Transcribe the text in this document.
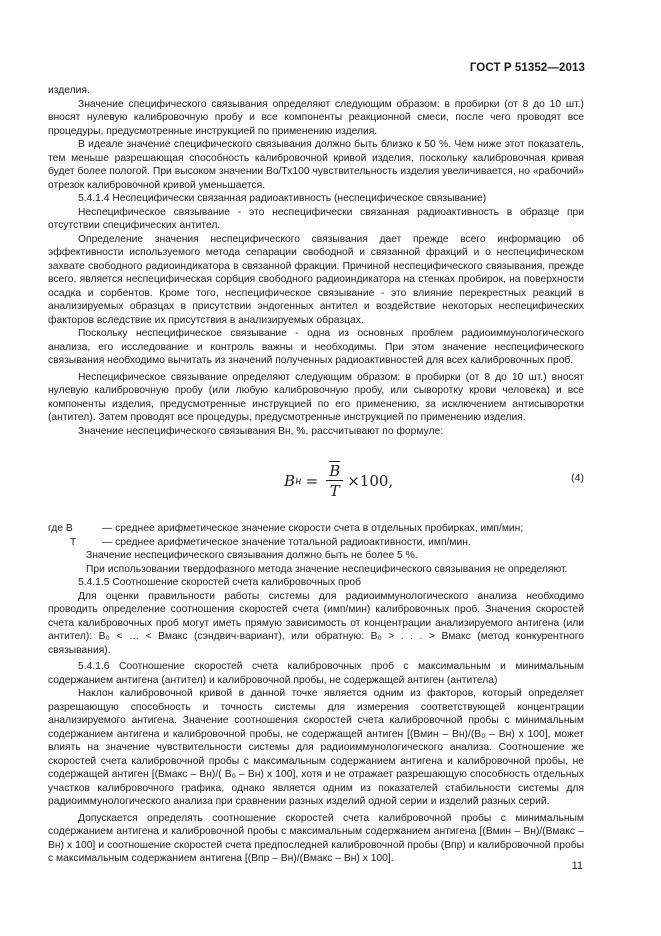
ГОСТ Р 51352—2013

изделия.

Значение специфического связывания определяют следующим образом: в пробирки (от 8 до 10 шт.) вносят нулевую калибровочную пробу и все компоненты реакционной смеси, после чего проводят все процедуры, предусмотренные инструкцией по применению изделия.

В идеале значение специфического связывания должно быть близко к 50 %. Чем ниже этот показатель, тем меньше разрешающая способность калибровочной кривой изделия, поскольку калибровочная кривая будет более пологой. При высоком значении Во/Тх100 чувствительность изделия увеличивается, но «рабочий» отрезок калибровочной кривой уменьшается.

5.4.1.4 Неспецифически связанная радиоактивность (неспецифическое связывание)

Неспецифическое связывание - это неспецифически связанная радиоактивность в образце при отсутствии специфических антител.

Определение значения неспецифического связывания дает прежде всего информацию об эффективности используемого метода сепарации свободной и связанной фракций и о неспецифическом захвате свободного радиоиндикатора в связанной фракции. Причиной неспецифического связывания, прежде всего, является неспецифическая сорбция свободного радиоиндикатора на стенках пробирок, на поверхности осадка и сорбентов. Кроме того, неспецифическое связывание - это влияние перекрестных реакций в анализируемых образцах в присутствии эндогенных антител и воздействие некоторых неспецифических факторов вследствие их присутствия в анализируемых образцах.

Поскольку неспецифическое связывание - одна из основных проблем радиоиммунологического анализа, его исследование и контроль важны и необходимы. При этом значение неспецифического связывания необходимо вычитать из значений полученных радиоактивностей для всех калибровочных проб.

Неспецифическое связывание определяют следующим образом: в пробирки (от 8 до 10 шт.) вносят нулевую калибровочную пробу (или любую калибровочную пробу, или сыворотку крови человека) и все компоненты изделия, предусмотренные инструкцией по его применению, за исключением антисыворотки (антител). Затем проводят все процедуры, предусмотренные инструкцией по применению изделия.

Значение неспецифического связывания Вн, %, рассчитывают по формуле:

B $н = \frac{\overline{B}}{T} \times 100$,	(4)
где B	— среднее арифметическое значение скорости счета в отдельных пробирках, имп/мин;
T	— среднее арифметическое значение тотальной радиоактивности, имп/мин.

Значение неспецифического связывания должно быть не более 5 %.

При использовании твердофазного метода значение неспецифического связывания не определяют.

5.4.1.5 Соотношение скоростей счета калибровочных проб

Для оценки правильности работы системы для радиоиммунологического анализа необходимо проводить определение соотношения скоростей счета (имп/мин) калибровочных проб. Значения скоростей счета калибровочных проб могут иметь прямую зависимость от концентрации анализируемого антигена (или антител): В₀ < … < Вмакс (сэндвич-вариант), или обратную: В₀ > . . . > Вмакс (метод конкурентного связывания).

5.4.1.6 Соотношение скоростей счета калибровочных проб с максимальным и минимальным содержанием антигена (антител) и калибровочной пробы, не содержащей антиген (антитела)

Наклон калибровочной кривой в данной точке является одним из факторов, который определяет разрешающую способность и точность системы для измерения соответствующей концентрации анализируемого антигена. Значение соотношения скоростей счета калибровочной пробы с минимальным содержанием антигена и калибровочной пробы, не содержащей антиген [(Вмин – Вн)/(В₀ – Вн) х 100], может влиять на значение чувствительности системы для радиоиммунологического анализа. Соотношение же скоростей счета калибровочной пробы с максимальным содержанием антигена и калибровочной пробы, не содержащей антиген [(Вмакс – Вн)/( В₀ – Вн) х 100], хотя и не отражает разрешающую способность отдельных участков калибровочного графика, однако является одним из показателей стабильности системы для радиоиммунологического анализа при сравнении разных изделий одной серии и изделий разных серий.

Допускается определять соотношение скоростей счета калибровочной пробы с минимальным содержанием антигена и калибровочной пробы с максимальным содержанием антигена [(Вмин – Вн)/(Вмакс – Вн) х 100] и соотношение скоростей счета предпоследней калибровочной пробы (Впр) и калибровочной пробы с максимальным содержанием антигена [(Впр – Вн)/(Вмакс – Вн) х 100].

11
